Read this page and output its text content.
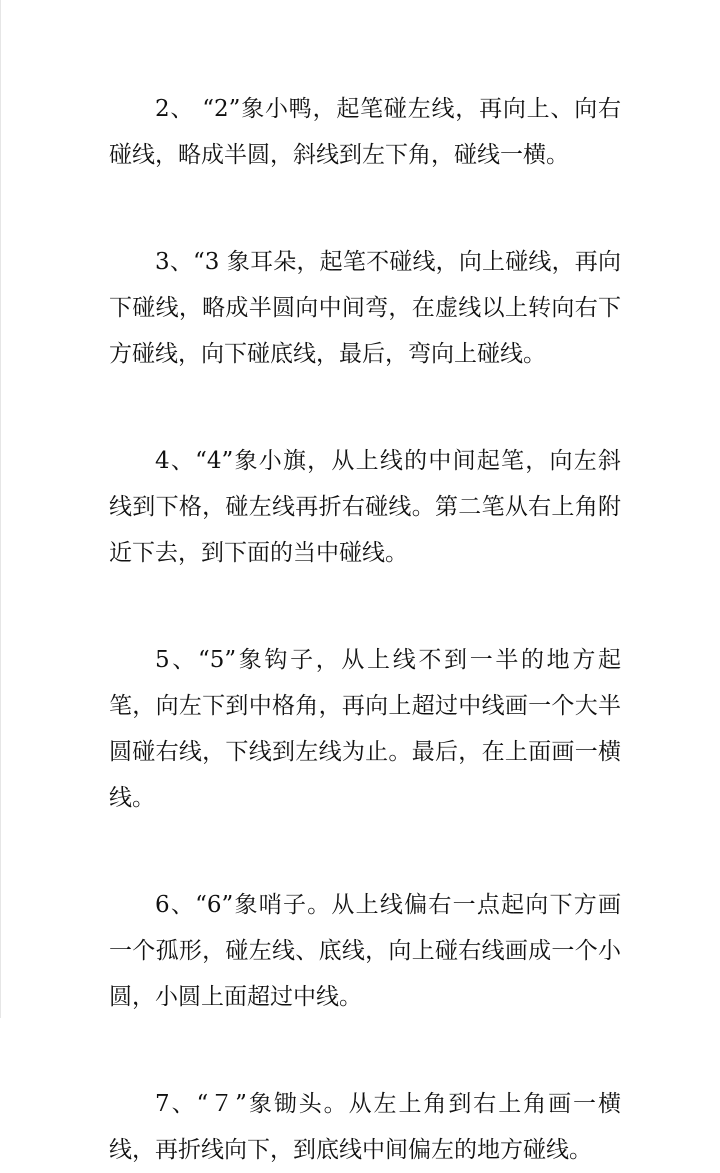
2、 “2”象小鸭，起笔碰左线，再向上、向右碰线，略成半圆，斜线到左下角，碰线一横。

3、“3 象耳朵，起笔不碰线，向上碰线，再向下碰线，略成半圆向中间弯，在虚线以上转向右下方碰线，向下碰底线，最后，弯向上碰线。

4、“4”象小旗，从上线的中间起笔，向左斜线到下格，碰左线再折右碰线。第二笔从右上角附近下去，到下面的当中碰线。

5、“5”象钩子，从上线不到一半的地方起笔，向左下到中格角，再向上超过中线画一个大半圆碰右线，下线到左线为止。最后，在上面画一横线。

6、“6”象哨子。从上线偏右一点起向下方画一个孤形，碰左线、底线，向上碰右线画成一个小圆，小圆上面超过中线。

7、“７”象锄头。从左上角到右上角画一横线，再折线向下，到底线中间偏左的地方碰线。
